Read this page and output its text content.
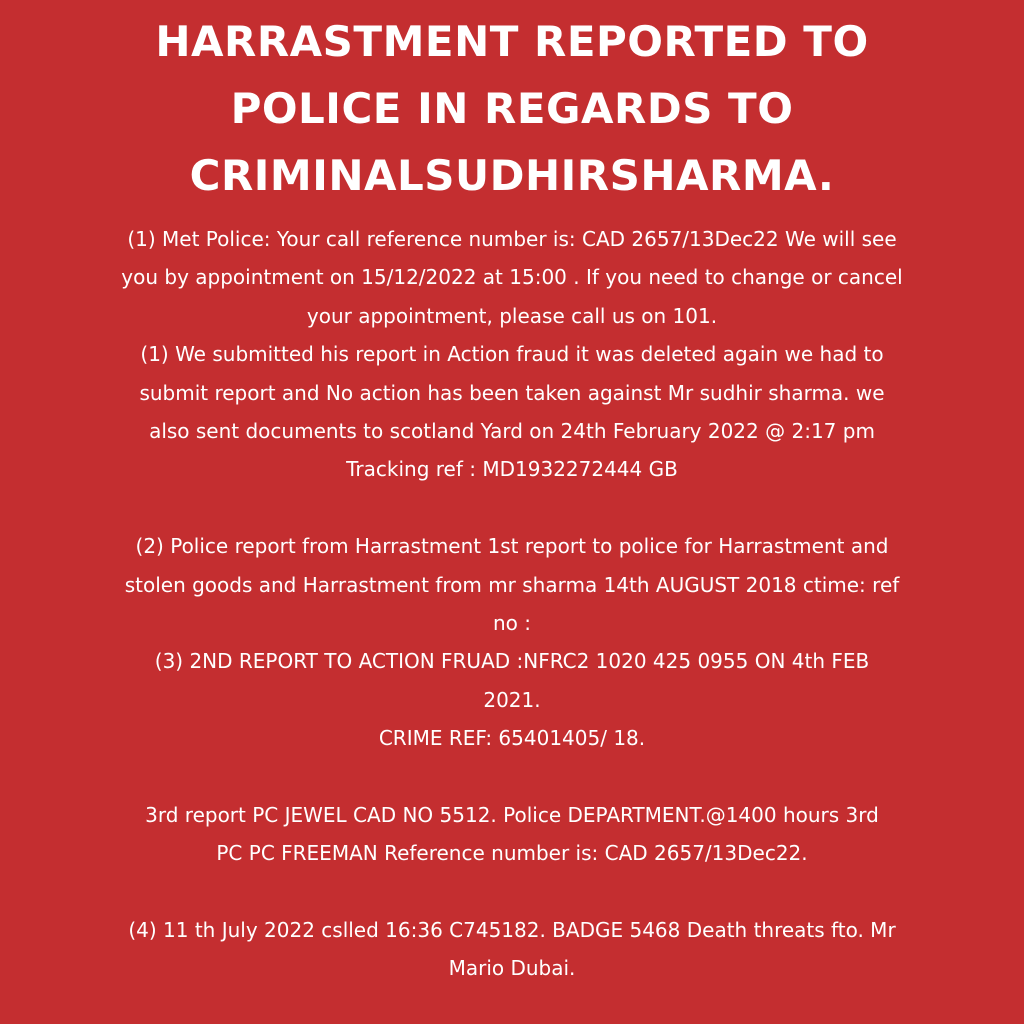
HARRASTMENT REPORTED TO
POLICE IN REGARDS TO
CRIMINALSUDHIRSHARMA.
(1) Met Police: Your call reference number is: CAD 2657/13Dec22 We will see
you by appointment on 15/12/2022 at 15:00 . If you need to change or cancel
your appointment, please call us on 101.
(1) We submitted his report in Action fraud it was deleted again we had to
submit report and No action has been taken against Mr sudhir sharma. we
also sent documents to scotland Yard on 24th February 2022 @ 2:17 pm
Tracking ref : MD1932272444 GB
(2) Police report from Harrastment 1st report to police for Harrastment and
stolen goods and Harrastment from mr sharma 14th AUGUST 2018 ctime: ref
no :
(3) 2ND REPORT TO ACTION FRUAD :NFRC2 1020 425 0955 ON 4th FEB
2021.
CRIME REF: 65401405/ 18.
3rd report PC JEWEL CAD NO 5512. Police DEPARTMENT.@1400 hours 3rd
PC PC FREEMAN Reference number is: CAD 2657/13Dec22.
(4) 11 th July 2022 cslled 16:36 C745182. BADGE 5468 Death threats fto. Mr
Mario Dubai.
